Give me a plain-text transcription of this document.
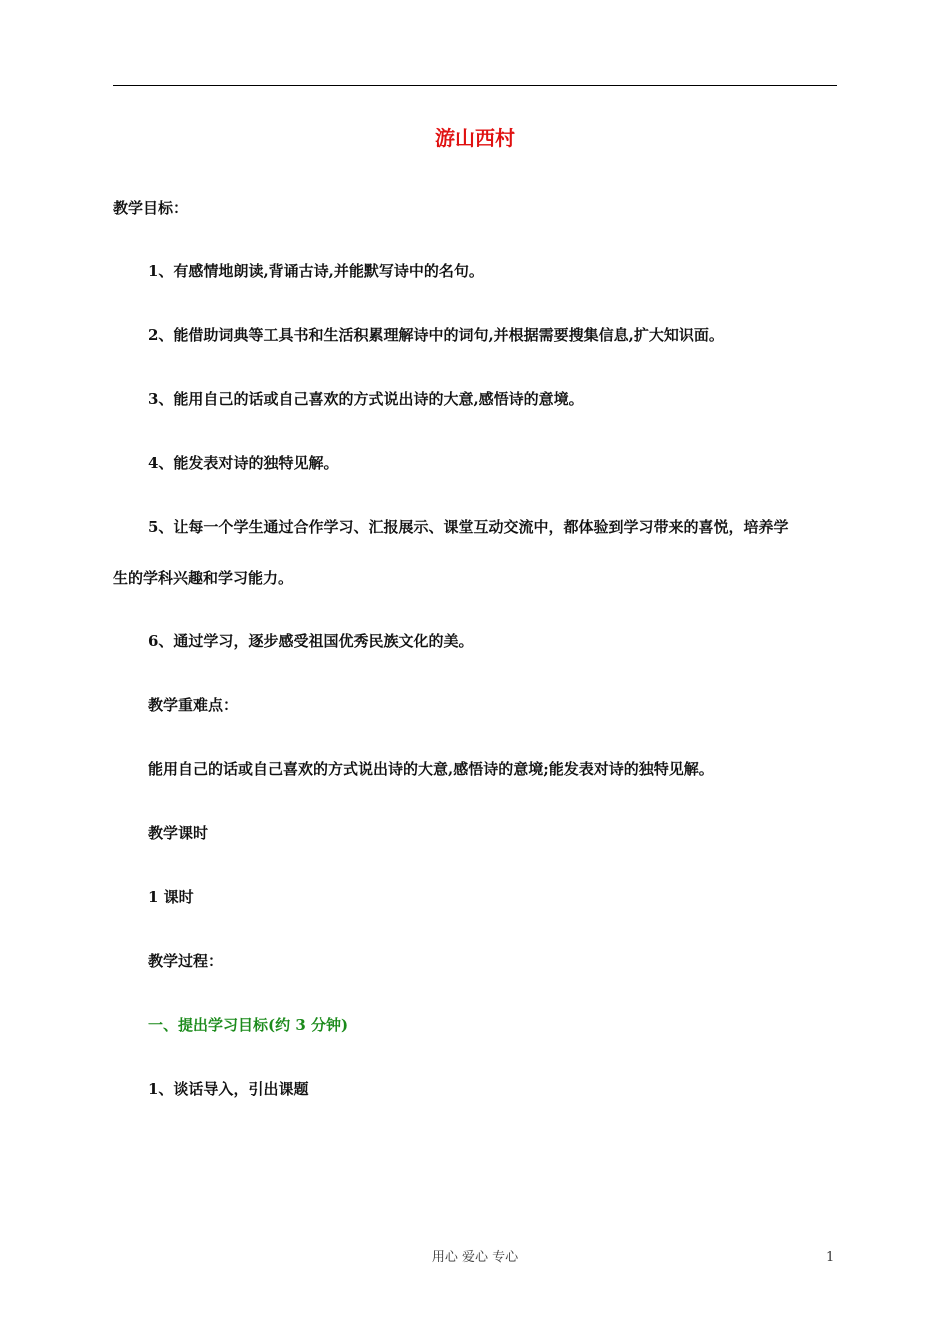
游山西村
教学目标：
1、有感情地朗读,背诵古诗,并能默写诗中的名句。
2、能借助词典等工具书和生活积累理解诗中的词句,并根据需要搜集信息,扩大知识面。
3、能用自己的话或自己喜欢的方式说出诗的大意,感悟诗的意境。
4、能发表对诗的独特见解。
5、让每一个学生通过合作学习、汇报展示、课堂互动交流中，都体验到学习带来的喜悦，培养学
生的学科兴趣和学习能力。
6、通过学习，逐步感受祖国优秀民族文化的美。
教学重难点：
能用自己的话或自己喜欢的方式说出诗的大意,感悟诗的意境;能发表对诗的独特见解。
教学课时
1 课时
教学过程：
一、提出学习目标(约 3 分钟)
1、谈话导入，引出课题
用心 爱心 专心	1
